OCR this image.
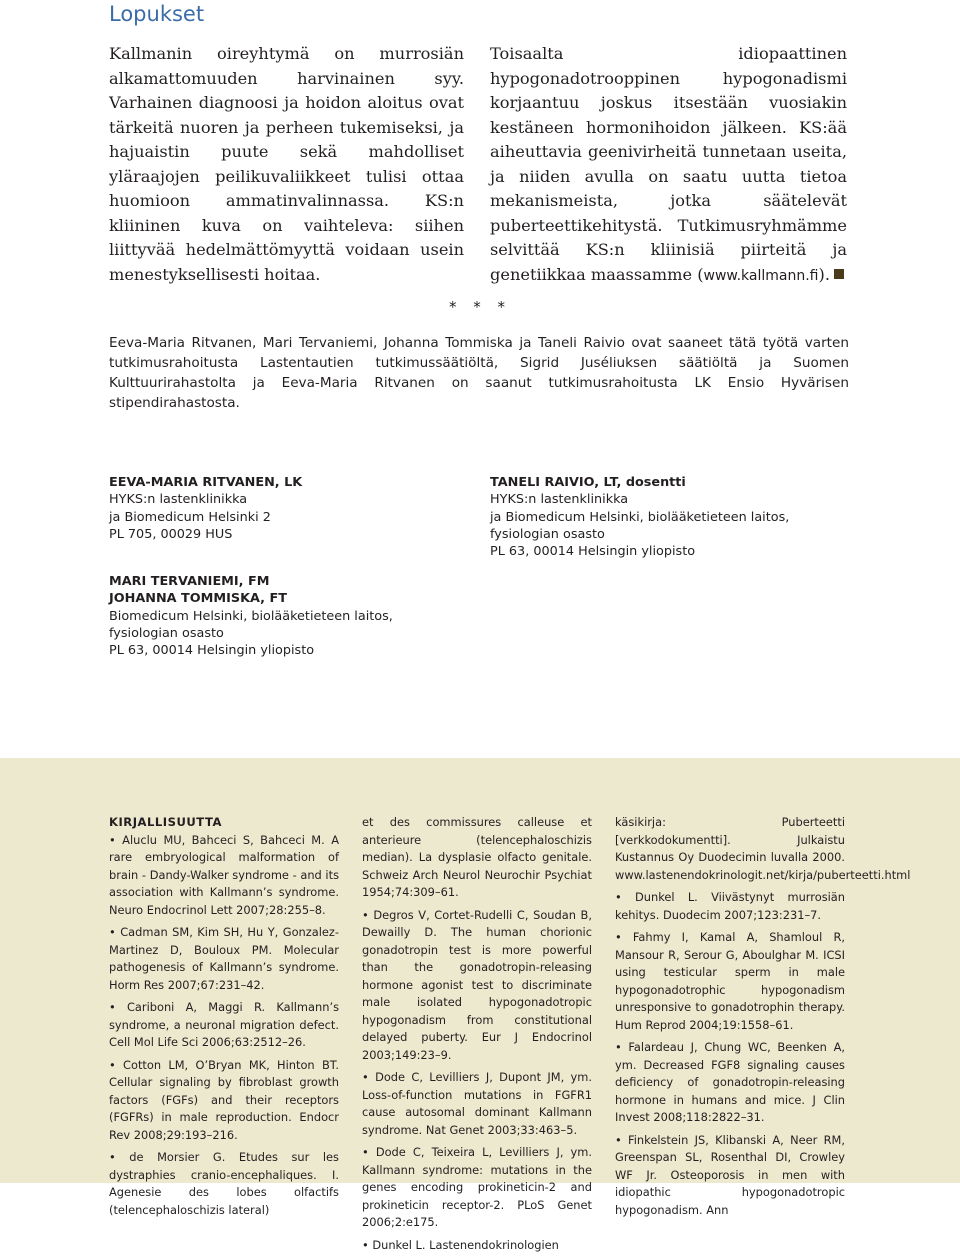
Lopukset

Kallmanin oireyhtymä on murrosiän alkamattomuuden harvinainen syy. Varhainen diagnoosi ja hoidon aloitus ovat tärkeitä nuoren ja perheen tukemiseksi, ja hajuaistin puute sekä mahdolliset yläraajojen peilikuvaliikkeet tulisi ottaa huomioon ammatinvalinnassa. KS:n kliininen kuva on vaihteleva: siihen liittyvää hedelmättömyyttä voidaan usein menestyksellisesti hoitaa.

Toisaalta idiopaattinen hypogonadotrooppinen hypogonadismi korjaantuu joskus itsestään vuosiakin kestäneen hormonihoidon jälkeen. KS:ää aiheuttavia geenivirheitä tunnetaan useita, ja niiden avulla on saatu uutta tietoa mekanismeista, jotka säätelevät puberteettikehitystä. Tutkimusryhmämme selvittää KS:n kliinisiä piirteitä ja genetiikkaa maassamme (www.kallmann.fi).

* * *
Eeva-Maria Ritvanen, Mari Tervaniemi, Johanna Tommiska ja Taneli Raivio ovat saaneet tätä työtä varten tutkimusrahoitusta Lastentautien tutkimussäätiöltä, Sigrid Juséliuksen säätiöltä ja Suomen Kulttuurirahastolta ja Eeva-Maria Ritvanen on saanut tutkimusrahoitusta LK Ensio Hyvärisen stipendirahastosta.
EEVA-MARIA RITVANEN, LK
HYKS:n lastenklinikka
ja Biomedicum Helsinki 2
PL 705, 00029 HUS
TANELI RAIVIO, LT, dosentti
HYKS:n lastenklinikka
ja Biomedicum Helsinki, biolääketieteen laitos,
fysiologian osasto
PL 63, 00014 Helsingin yliopisto
MARI TERVANIEMI, FM
JOHANNA TOMMISKA, FT
Biomedicum Helsinki, biolääketieteen laitos,
fysiologian osasto
PL 63, 00014 Helsingin yliopisto

KIRJALLISUUTTA

• Aluclu MU, Bahceci S, Bahceci M. A rare embryological malformation of brain - Dandy-Walker syndrome - and its association with Kallmann’s syndrome. Neuro Endocrinol Lett 2007;28:255–8.

• Cadman SM, Kim SH, Hu Y, Gonzalez-Martinez D, Bouloux PM. Molecular pathogenesis of Kallmann’s syndrome. Horm Res 2007;67:231–42.

• Cariboni A, Maggi R. Kallmann’s syndrome, a neuronal migration defect. Cell Mol Life Sci 2006;63:2512–26.

• Cotton LM, O’Bryan MK, Hinton BT. Cellular signaling by fibroblast growth factors (FGFs) and their receptors (FGFRs) in male reproduction. Endocr Rev 2008;29:193–216.

• de Morsier G. Etudes sur les dystraphies cranio-encephaliques. I. Agenesie des lobes olfactifs (telencephaloschizis lateral)

et des commissures calleuse et anterieure (telencephaloschizis median). La dysplasie olfacto genitale. Schweiz Arch Neurol Neurochir Psychiat 1954;74:309–61.

• Degros V, Cortet-Rudelli C, Soudan B, Dewailly D. The human chorionic gonadotropin test is more powerful than the gonadotropin-releasing hormone agonist test to discriminate male isolated hypogonadotropic hypogonadism from constitutional delayed puberty. Eur J Endocrinol 2003;149:23–9.

• Dode C, Levilliers J, Dupont JM, ym. Loss-of-function mutations in FGFR1 cause autosomal dominant Kallmann syndrome. Nat Genet 2003;33:463–5.

• Dode C, Teixeira L, Levilliers J, ym. Kallmann syndrome: mutations in the genes encoding prokineticin-2 and prokineticin receptor-2. PLoS Genet 2006;2:e175.

• Dunkel L. Lastenendokrinologien

käsikirja: Puberteetti [verkkodokumentti]. Julkaistu Kustannus Oy Duodecimin luvalla 2000. www.lastenendokrinologit.net/kirja/puberteetti.html

• Dunkel L. Viivästynyt murrosiän kehitys. Duodecim 2007;123:231–7.

• Fahmy I, Kamal A, Shamloul R, Mansour R, Serour G, Aboulghar M. ICSI using testicular sperm in male hypogonadotrophic hypogonadism unresponsive to gonadotrophin therapy. Hum Reprod 2004;19:1558–61.

• Falardeau J, Chung WC, Beenken A, ym. Decreased FGF8 signaling causes deficiency of gonadotropin-releasing hormone in humans and mice. J Clin Invest 2008;118:2822–31.

• Finkelstein JS, Klibanski A, Neer RM, Greenspan SL, Rosenthal DI, Crowley WF Jr. Osteoporosis in men with idiopathic hypogonadotropic hypogonadism. Ann
